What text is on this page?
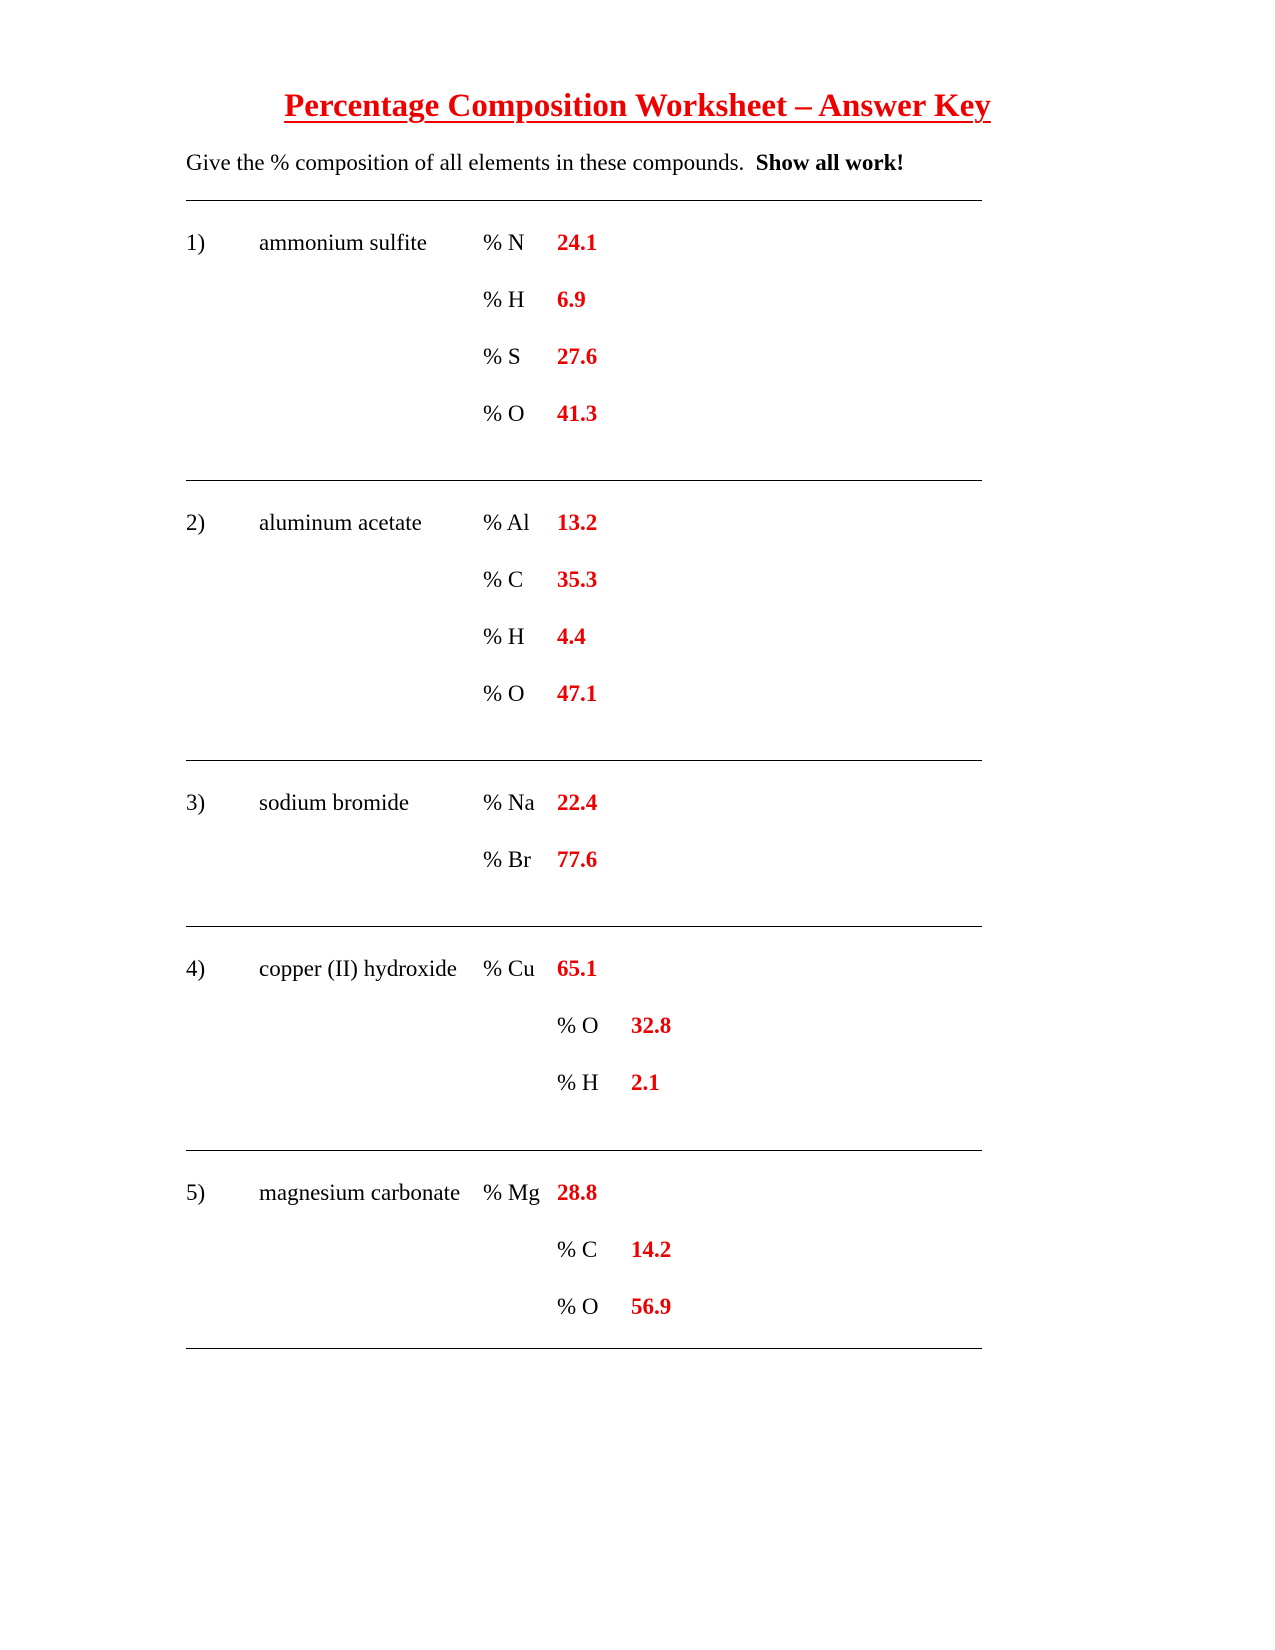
Percentage Composition Worksheet – Answer Key
Give the % composition of all elements in these compounds. Show all work!
1) ammonium sulfite % N 24.1
% H 6.9
% S 27.6
% O 41.3
2) aluminum acetate	% Al 13.2
% C 35.3
% H 4.4
% O 47.1
3) sodium bromide	% Na 22.4
% Br 77.6
4) copper (II) hydroxide % Cu 65.1
% O 32.8
% H 2.1
5) magnesium carbonate % Mg 28.8
% C 14.2
% O 56.9
